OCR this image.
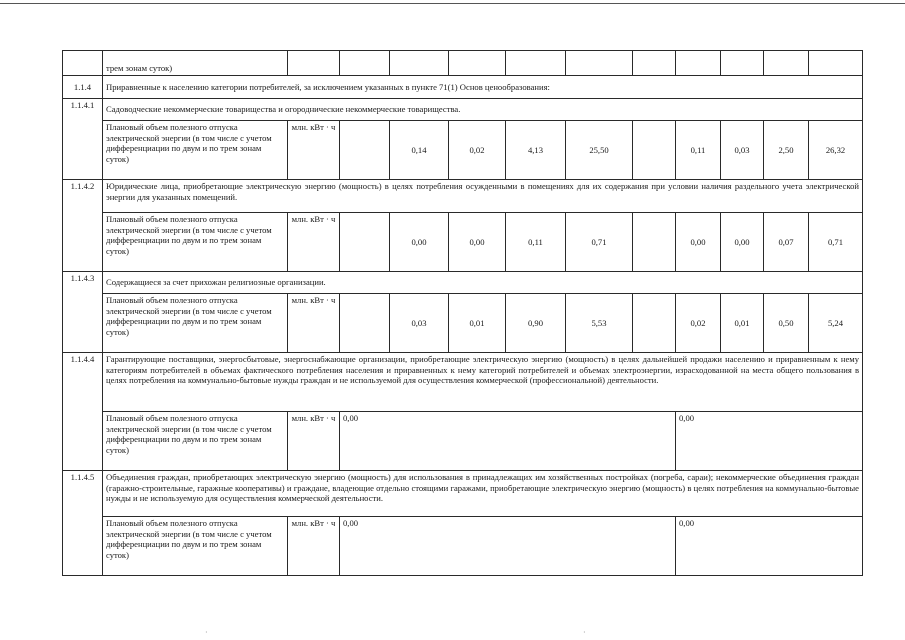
	трем зонам суток)											
1.1.4	Приравненные к населению категории потребителей, за исключением указанных в пункте 71(1) Основ ценообразования:											
1.1.4.1	Садоводческие некоммерческие товарищества и огороднические некоммерческие товарищества.											
	Плановый объем полезного отпуска электрической энергии (в том числе с учетом дифференциации по двум и по трем зонам суток)	млн. кВт · ч		0,14	0,02	4,13	25,50		0,11	0,03	2,50	26,32
1.1.4.2	Юридические лица, приобретающие электрическую энергию (мощность) в целях потребления осужденными в помещениях для их содержания при условии наличия раздельного учета электрической энергии для указанных помещений.											
	Плановый объем полезного отпуска электрической энергии (в том числе с учетом дифференциации по двум и по трем зонам суток)	млн. кВт · ч		0,00	0,00	0,11	0,71		0,00	0,00	0,07	0,71
1.1.4.3	Содержащиеся за счет прихожан религиозные организации.											
	Плановый объем полезного отпуска электрической энергии (в том числе с учетом дифференциации по двум и по трем зонам суток)	млн. кВт · ч		0,03	0,01	0,90	5,53		0,02	0,01	0,50	5,24
1.1.4.4	Гарантирующие поставщики, энергосбытовые, энергоснабжающие организации, приобретающие электрическую энергию (мощность) в целях дальнейшей продажи населению и приравненным к нему категориям потребителей в объемах фактического потребления населения и приравненных к нему категорий потребителей и объемах электроэнергии, израсходованной на места общего пользования в целях потребления на коммунально-бытовые нужды граждан и не используемой для осуществления коммерческой (профессиональной) деятельности.											
	Плановый объем полезного отпуска электрической энергии (в том числе с учетом дифференциации по двум и по трем зонам суток)	млн. кВт · ч	0,00						0,00			
1.1.4.5	Объединения граждан, приобретающих электрическую энергию (мощность) для использования в принадлежащих им хозяйственных постройках (погреба, сараи); некоммерческие объединения граждан (гаражно-строительные, гаражные кооперативы) и граждане, владеющие отдельно стоящими гаражами, приобретающие электрическую энергию (мощность) в целях потребления на коммунально-бытовые нужды и не используемую для осуществления коммерческой деятельности.											
	Плановый объем полезного отпуска электрической энергии (в том числе с учетом дифференциации по двум и по трем зонам суток)	млн. кВт · ч	0,00						0,00			
·	·
